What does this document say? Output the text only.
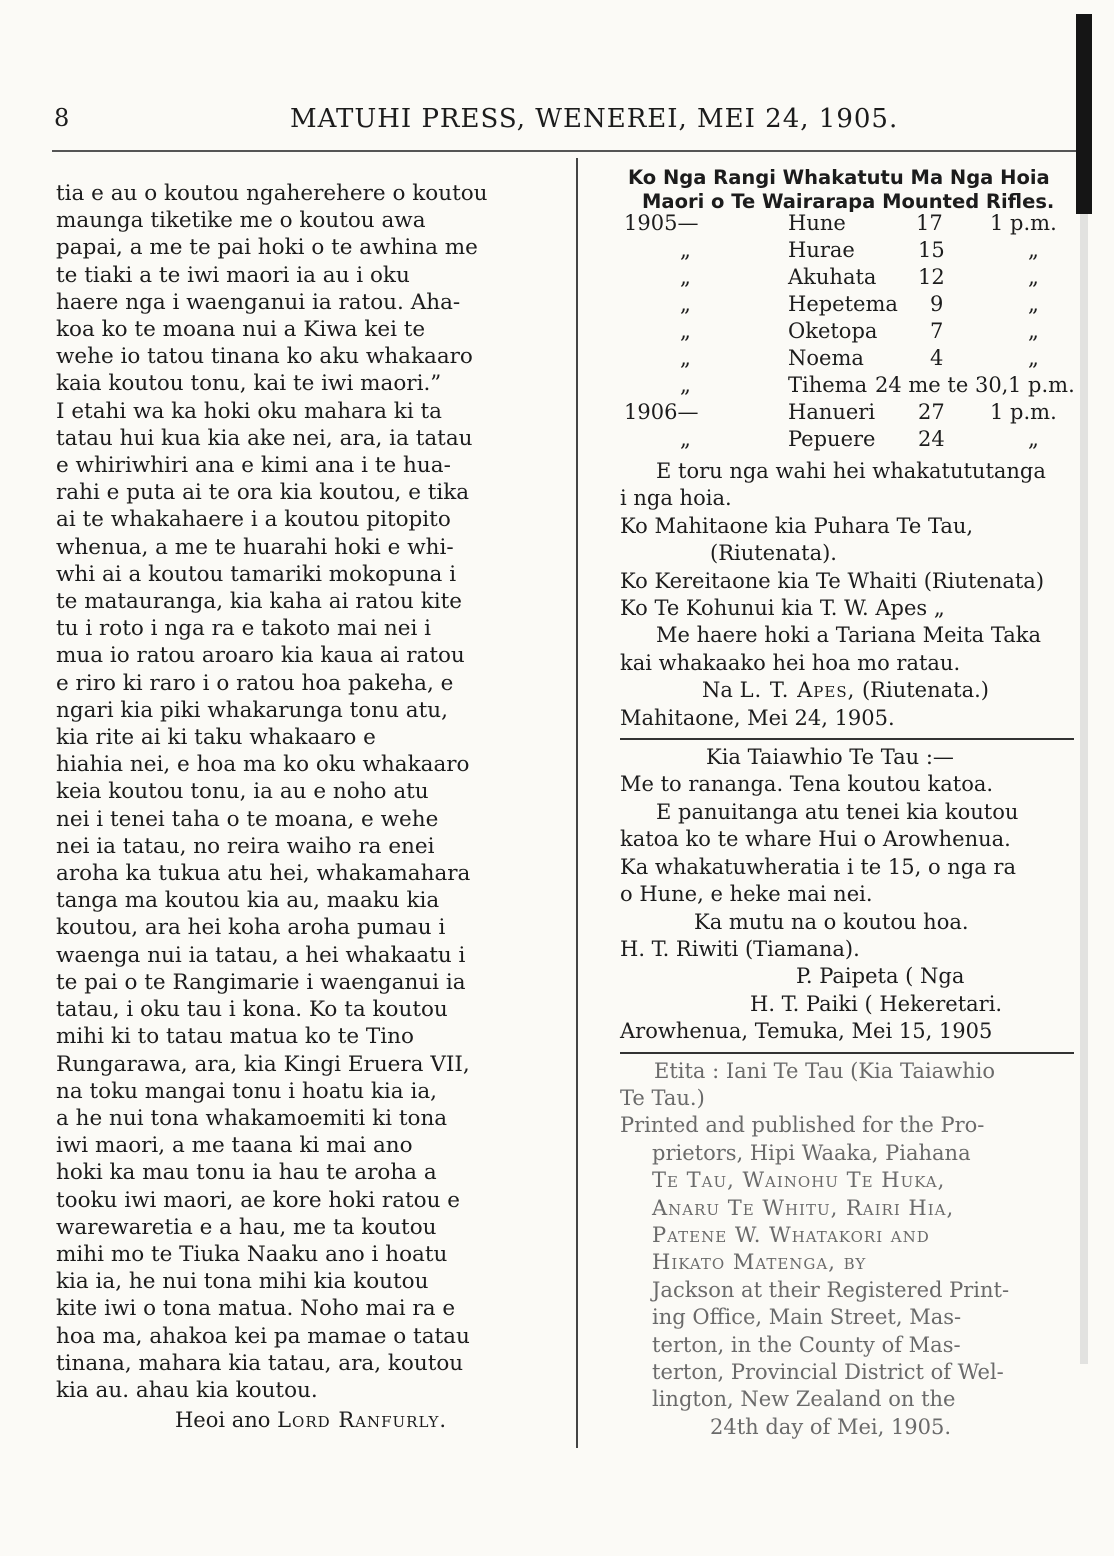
8	MATUHI PRESS, WENEREI, MEI 24, 1905.

tia e au o koutou ngaherehere o koutou

maunga tiketike me o koutou awa

papai, a me te pai hoki o te awhina me

te tiaki a te iwi maori ia au i oku

haere nga i waenganui ia ratou. Aha-

koa ko te moana nui a Kiwa kei te

wehe io tatou tinana ko aku whakaaro

kaia koutou tonu, kai te iwi maori.”

I etahi wa ka hoki oku mahara ki ta

tatau hui kua kia ake nei, ara, ia tatau

e whiriwhiri ana e kimi ana i te hua-

rahi e puta ai te ora kia koutou, e tika

ai te whakahaere i a koutou pitopito

whenua, a me te huarahi hoki e whi-

whi ai a koutou tamariki mokopuna i

te matauranga, kia kaha ai ratou kite

tu i roto i nga ra e takoto mai nei i

mua io ratou aroaro kia kaua ai ratou

e riro ki raro i o ratou hoa pakeha, e

ngari kia piki whakarunga tonu atu,

kia rite ai ki taku whakaaro e

hiahia nei, e hoa ma ko oku whakaaro

keia koutou tonu, ia au e noho atu

nei i tenei taha o te moana, e wehe

nei ia tatau, no reira waiho ra enei

aroha ka tukua atu hei, whakamahara

tanga ma koutou kia au, maaku kia

koutou, ara hei koha aroha pumau i

waenga nui ia tatau, a hei whakaatu i

te pai o te Rangimarie i waenganui ia

tatau, i oku tau i kona. Ko ta koutou

mihi ki to tatau matua ko te Tino

Rungarawa, ara, kia Kingi Eruera VII,

na toku mangai tonu i hoatu kia ia,

a he nui tona whakamoemiti ki tona

iwi maori, a me taana ki mai ano

hoki ka mau tonu ia hau te aroha a

tooku iwi maori, ae kore hoki ratou e

warewaretia e a hau, me ta koutou

mihi mo te Tiuka Naaku ano i hoatu

kia ia, he nui tona mihi kia koutou

kite iwi o tona matua. Noho mai ra e

hoa ma, ahakoa kei pa mamae o tatau

tinana, mahara kia tatau, ara, koutou

kia au. ahau kia koutou.

Heoi ano Lord Ranfurly.
Ko Nga Rangi Whakatutu Ma Nga Hoia
Maori o Te Wairarapa Mounted Rifles.
1905—	Hune	17 1 p.m.
„	Hurae	15	„
„	Akuhata 12	„
„	Hepetema 9	„
„	Oketopa	7	„
„	Noema	4	„
„	Tihema 24 me te 30, 1 p.m.
1906—	Hanueri 27 1 p.m.
„	Pepuere 24	„

E toru nga wahi hei whakatututanga

i nga hoia.

Ko Mahitaone kia Puhara Te Tau,

(Riutenata).

Ko Kereitaone kia Te Whaiti (Riutenata)

Ko Te Kohunui kia T. W. Apes „

Me haere hoki a Tariana Meita Taka

kai whakaako hei hoa mo ratau.

Na L. T. Apes, (Riutenata.)

Mahitaone, Mei 24, 1905.

Kia Taiawhio Te Tau :—

Me to rananga. Tena koutou katoa.

E panuitanga atu tenei kia koutou

katoa ko te whare Hui o Arowhenua.

Ka whakatuwheratia i te 15, o nga ra

o Hune, e heke mai nei.

Ka mutu na o koutou hoa.

H. T. Riwiti (Tiamana).

P. Paipeta ( Nga

H. T. Paiki ( Hekeretari.

Arowhenua, Temuka, Mei 15, 1905

Etita : Iani Te Tau (Kia Taiawhio

Te Tau.)

Printed and published for the Pro-

prietors, Hipi Waaka, Piahana

Te Tau, Wainohu Te Huka,

Anaru Te Whitu, Rairi Hia,

Patene W. Whatakori and

Hikato Matenga, by

Jackson at their Registered Print-

ing Office, Main Street, Mas-

terton, in the County of Mas-

terton, Provincial District of Wel-

lington, New Zealand on the

24th day of Mei, 1905.
